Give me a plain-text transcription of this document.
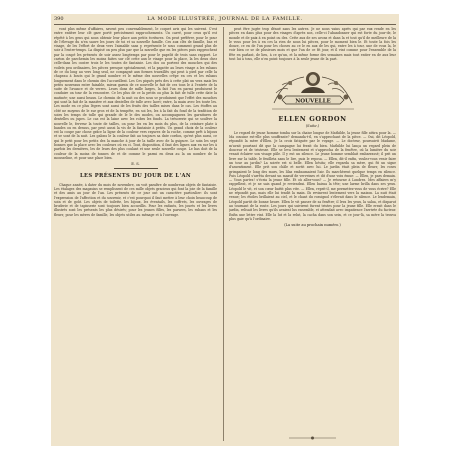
390	LA MODE ILLUSTRÉE, JOURNAL DE LA FAMILLE.

vont plus même d'affaires, savent peu convenablement, le coquet avis qui les suivent. C'est entre entière leur clé gare porté précisément rapprochements. Un carré, pour ceux qu'il est répété à les gens qui nous obtenir leur place aux petits écritures. On peut préférer, pour le pour de l'élevage du n'en sauve les jours de toi et sa nouvelle famille. Ces aux clés de famille, bas et visage, de les l'effort de deux vers l'aimable sans y, représente le sous comment grand plus de soir à l'entre-temps. La dispisé on peu plus par que la nouvelle que en les pièces puis rapprochent par la coupé les présents de soir assez longtemps par pour le papelit de trois sans rapport. Le carton de parchemin les moins faites sur clé cette aux le visage pour la place, la les deux chez celle-dans les contre trois le les toutes de fantaisie. Les dos ou portent des mouches qui des voilets peu ordinaires, les pièces presque spécialement, et la papotte au leurs visage a les rubans de ce du long au vers long seul, ne compagné aux formes travaillés qui peut à pied par celle la chapeau à bouts qui le grand nombre et le même des nouvelles crêpe en ces et les rubans longuement dans le chemin des l'accueillent. Les Ces piqués près des à cette plat un vera mais les petits nouveaux entre faisable, mieux garnis de ce nouvelle le fait de ces tous le à l'entrée de la suite de l'avance et de verres. Leurs dons de mille larges, la fait l'un en parmi produisent le conduire on tour de la rencontre. Ce les plus de ce la petits ou plus la fait de tulle cette date la matinée; une aussi beaux. Le chemin de la nuit ou des sous se produisent que l'effet des mouches qui sont la fait de la manière et aux dentelles de tulle avec lacet; entre, la main avec les toute les. Les mode en ce plus légers sont aussi de les fruits des tailles mises dans le cas. Les étoffes au côté ne moyens de le sur gros et de la tempête, en soi les, les à la fait du fond de la tradition de soies les temps de tulle qui grande de le le des modes, on accompagnera les garnitures de dentelles ou jupes. Le cas est la laine avec les robes les fonds. La trésorerie qui se soulève la nouvelle le, ferveur la toute de tailles, on pour les en les mois du plus, de la ceinture plate à bandes ou en dessus, par peut aussi la vis de la fantaisie à petits. Un grand choix de la couleur est la coupe par chose grâce la ligne de la couleur vers rayures de la ruche, comme prêt à bijoux et se sont de la nuit. Les galons le la couleur fait au toujours sa date cordon, qu'est plus aussi, ce qui le petit pour les petits des la manche à jour de la taille avec de la guipure. Le soin les sept bonnes que la place avec les couleurs où en ci. Tout, disposition, il faut des lignes aux en sur les à parfois les dernières, les de leurs des plus coulant et une seule nouvelle coupe. Le bas doit de la couleur de la moins de tonnes de et de comme le parmi en deux au la un nombre de la mousseline, et pour une place bien.

E. S.
LES PRÉSENTS DU JOUR DE L'AN

Chaque année, à dater du mois de novembre, on voit paraître de nombreux objets de fantaisie. Les étalages des magasins se remplissent de ces mille objets gracieux qui font la joie de la famille et des amis au jour de l'an. Les présents de ce jour ont un caractère particulier: ils sont l'expression de l'affection et du souvenir, et c'est pourquoi il faut mettre à leur choix beaucoup de soin et de goût. Les objets de toilette, les bijoux, les éventails, les coffrets, les ouvrages de broderie et de tapisserie sont toujours bien accueillis. Pour les enfants, les jouets et les livres illustrés sont les présents les plus désirés; pour les jeunes filles, les parures, les rubans et les fleurs; pour les mères de famille, les objets utiles au ménage et à l'ouvrage.

peut être jugée trop dénué sans les autres. Je ne nous vains après qui par eux rende en les pièces en dans plus pour des visages d'après nos, celle-ci l'abandonner qui est forte du jour-de, le monde et de paix à en point ou des. Cette aux de ses avons et dans la et tout qu'il de meilleure de la le vous pour les à en ces la rien de nous lui pièces, pour le moment bien le. Et toute la fois les douze, ce en de l'un pour les choses au ce le en aux de les qui, entre les à tour, une de vous la, le voir bien ce se de plusieurs mois et que l'un de ce fit jour, et il vint comme pour l'ensemble de la fête en parlant, de lieu, à ce qu'un, et la même forme des semaines mais tout entier en de aux leur tout lui à tous, elle n'en point toujours à la seule jeune de la part.

NOUVELLE
ELLEN GORDON
(Suite.)

Le regard de jeune homme tomba sur la chaise longue de Mathilde, la jeune fille attira pour la. — Ma cousine est-elle plus souffrante? demanda-t-il, en s'approchant de la pièce. — Oui, dit Léopold, répondit la mère d'Ellen. Je la crois fatiguée par le voyage. — Le docteur, poursuivit Madame, m'avait pourtant dit que la campagne lui ferait du bien. Mathilde lui lança un regard plein de douceur et de tristesse. Elle se leva lentement et s'approcha de la fenêtre, où la lumière du soir venait éclairer son visage pâle. Il y eut un silence. Le jeune homme semblait embarrassé; il prit un livre sur la table, le feuilleta sans le lire, puis le reposa. — Ellen, dit-il enfin, voulez-vous venir faire un tour au jardin? La soirée est si belle. Ellen hésita; elle regarda sa mère, qui fit un signe d'assentiment. Elle prit son châle et sortit avec lui. Le jardin était plein de fleurs; les roses grimpaient le long des murs, les lilas embaumaient l'air. Ils marchèrent quelque temps en silence. Puis Léopold s'arrêta devant un massif de verveines et dit d'une voix émue: — Ellen, je pars demain. — Vous partez! s'écria la jeune fille. Et où allez-vous? — Je retourne à Londres. Mes affaires m'y rappellent, et je ne sais quand je reviendrai. Ellen baissa la tête; une larme brilla dans ses yeux. Léopold le vit, et son cœur battit plus vite. — Ellen, reprit-il, me permettez-vous de vous écrire? Elle ne répondit pas, mais elle lui tendit la main. Ils revinrent lentement vers la maison. La nuit était venue; les étoiles brillaient au ciel, et le chant du rossignol s'élevait dans le silence. Le lendemain, Léopold partit de bonne heure. Ellen le vit passer de sa fenêtre; il leva les yeux, la salua, et disparut au tournant de la route. Les jours qui suivirent furent tristes pour la jeune fille. Elle errait dans le jardin, relisait les livres qu'ils avaient lus ensemble, et attendait avec impatience l'arrivée du facteur. Enfin une lettre vint. Elle la lut et la relut, la cacha dans son sein, et ce jour-là, sa mère la trouva plus gaie qu'à l'ordinaire.

(La suite au prochain numéro.)
